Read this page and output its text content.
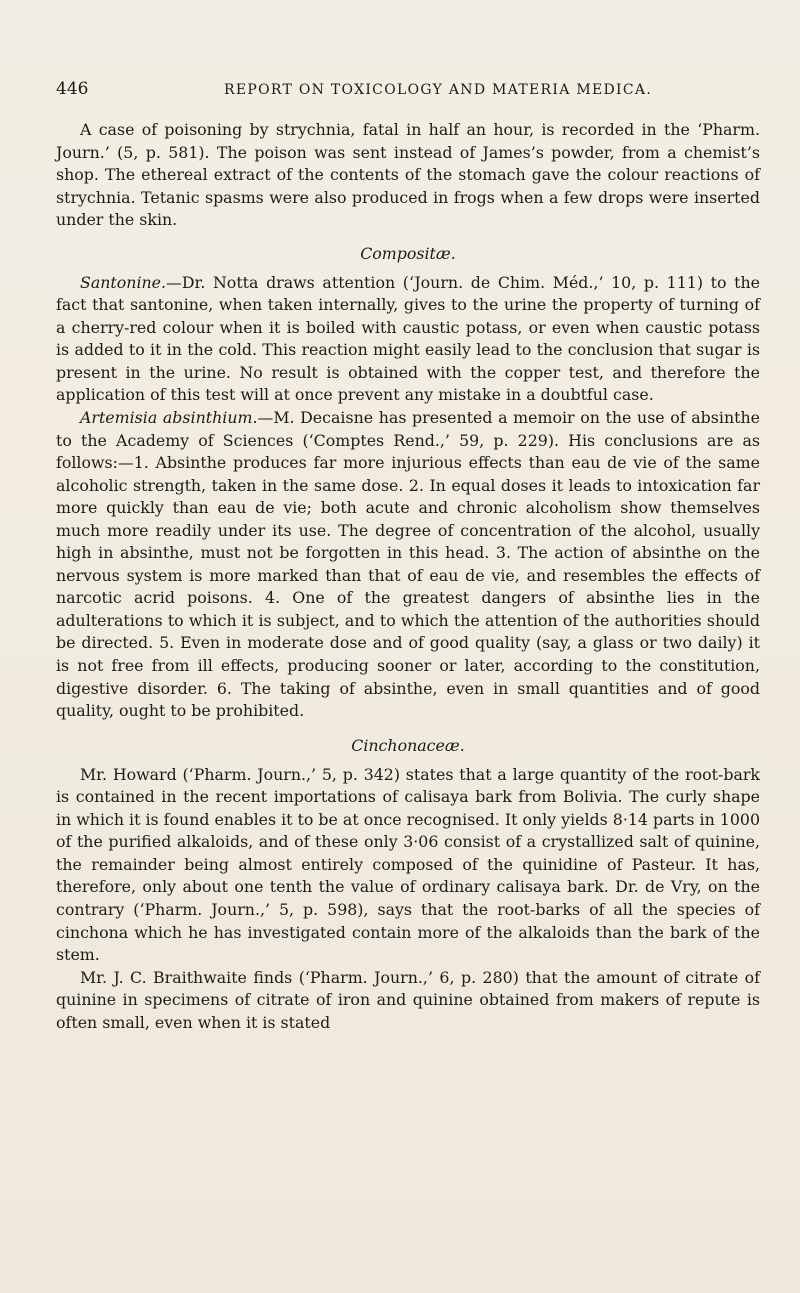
446	REPORT ON TOXICOLOGY AND MATERIA MEDICA.

A case of poisoning by strychnia, fatal in half an hour, is recorded in the ‘Pharm. Journ.’ (5, p. 581). The poison was sent instead of James’s powder, from a chemist’s shop. The ethereal extract of the contents of the stomach gave the colour reactions of strychnia. Tetanic spasms were also produced in frogs when a few drops were inserted under the skin.

Compositæ.

Santonine.—Dr. Notta draws attention (‘Journ. de Chim. Méd.,’ 10, p. 111) to the fact that santonine, when taken internally, gives to the urine the property of turning of a cherry-red colour when it is boiled with caustic potass, or even when caustic potass is added to it in the cold. This reaction might easily lead to the conclusion that sugar is present in the urine. No result is obtained with the copper test, and therefore the application of this test will at once prevent any mistake in a doubtful case.

Artemisia absinthium.—M. Decaisne has presented a memoir on the use of absinthe to the Academy of Sciences (‘Comptes Rend.,’ 59, p. 229). His conclusions are as follows:—1. Absinthe produces far more injurious effects than eau de vie of the same alcoholic strength, taken in the same dose. 2. In equal doses it leads to intoxication far more quickly than eau de vie; both acute and chronic alcoholism show themselves much more readily under its use. The degree of concentration of the alcohol, usually high in absinthe, must not be forgotten in this head. 3. The action of absinthe on the nervous system is more marked than that of eau de vie, and resembles the effects of narcotic acrid poisons. 4. One of the greatest dangers of absinthe lies in the adulterations to which it is subject, and to which the attention of the authorities should be directed. 5. Even in moderate dose and of good quality (say, a glass or two daily) it is not free from ill effects, producing sooner or later, according to the constitution, digestive disorder. 6. The taking of absinthe, even in small quantities and of good quality, ought to be prohibited.

Cinchonaceæ.

Mr. Howard (‘Pharm. Journ.,’ 5, p. 342) states that a large quantity of the root-bark is contained in the recent importations of calisaya bark from Bolivia. The curly shape in which it is found enables it to be at once recognised. It only yields 8·14 parts in 1000 of the purified alkaloids, and of these only 3·06 consist of a crystallized salt of quinine, the remainder being almost entirely composed of the quinidine of Pasteur. It has, therefore, only about one tenth the value of ordinary calisaya bark. Dr. de Vry, on the contrary (‘Pharm. Journ.,’ 5, p. 598), says that the root-barks of all the species of cinchona which he has investigated contain more of the alkaloids than the bark of the stem.

Mr. J. C. Braithwaite finds (‘Pharm. Journ.,’ 6, p. 280) that the amount of citrate of quinine in specimens of citrate of iron and quinine obtained from makers of repute is often small, even when it is stated
